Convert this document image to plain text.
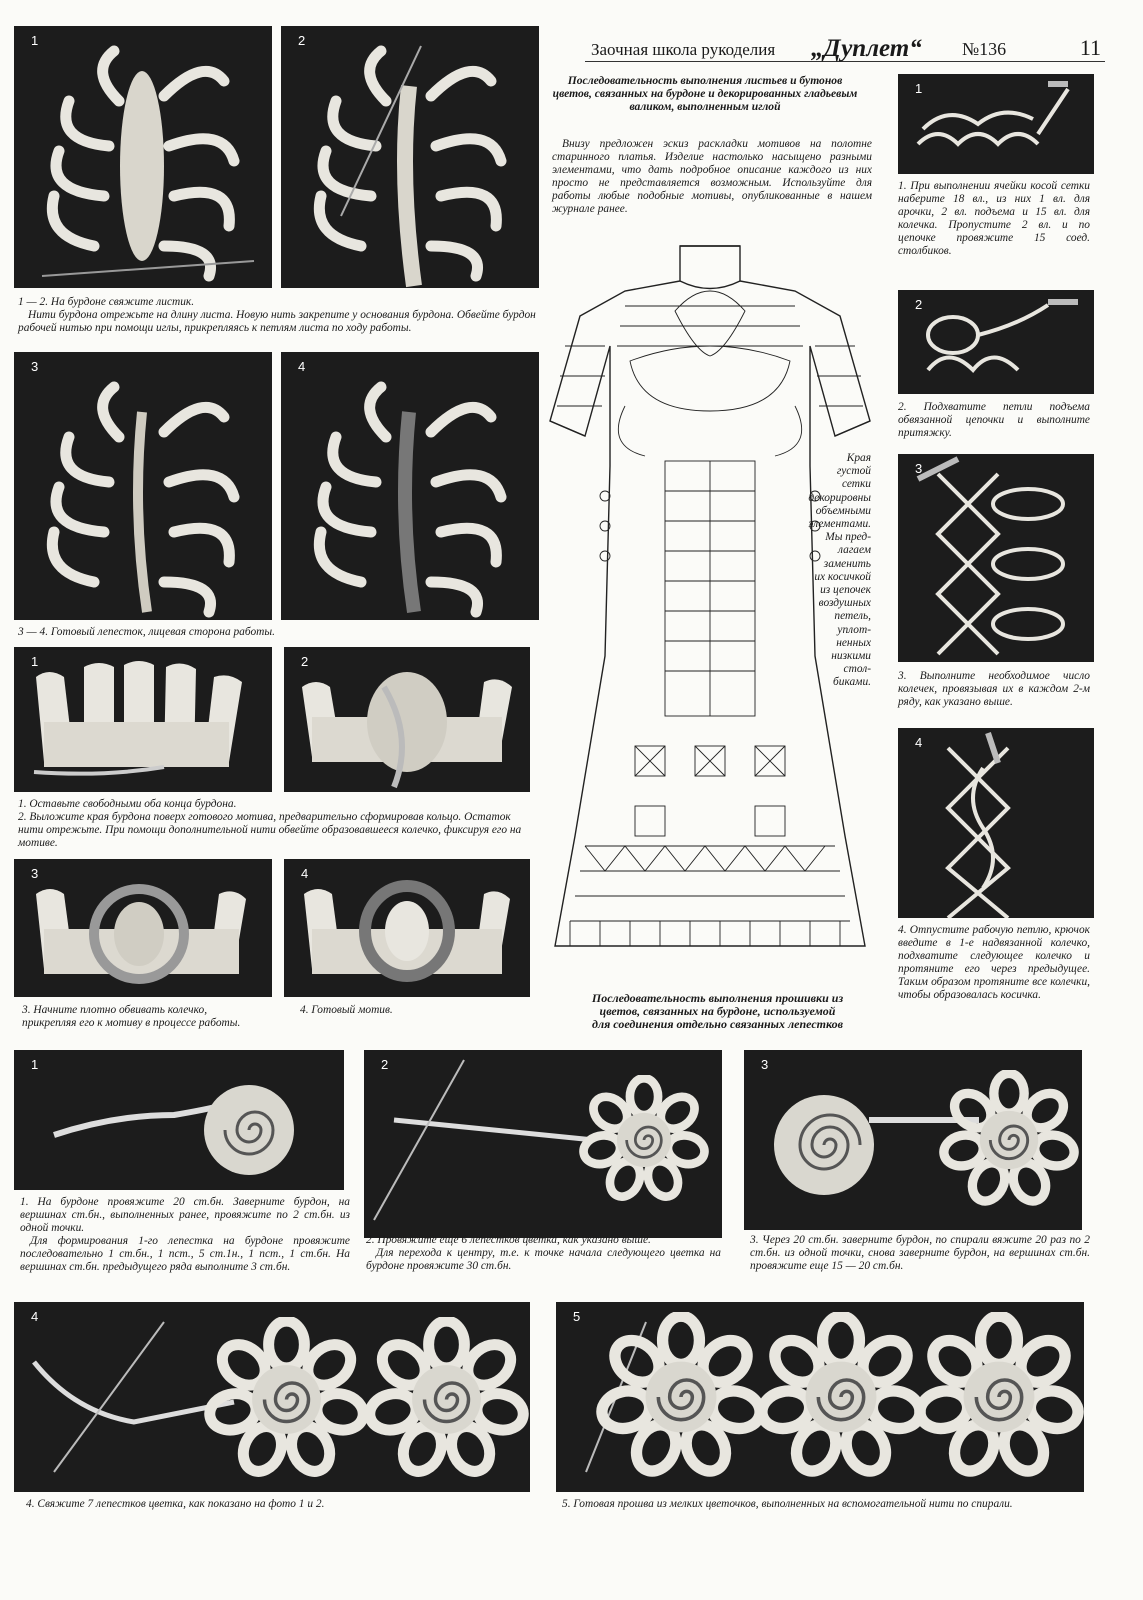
Заочная школа рукоделия „Дуплет“ №136	11
1	2

1 — 2. На бурдоне свяжите листик.

Нити бурдона отрежьте на длину листа. Новую нить закрепите у основания бурдона. Обвейте бурдон рабочей нитью при помощи иглы, прикрепляясь к петлям листа по ходу работы.

3	4
3 — 4. Готовый лепесток, лицевая сторона работы.
1	2

1. Оставьте свободными оба конца бурдона.

2. Выложите края бурдона поверх готового мотива, предварительно сформировав кольцо. Остаток нити отрежьте. При помощи дополнительной нити обвейте образовавшееся колечко, фиксируя его на мотиве.

3	4
3. Начните плотно обвивать колечко, прикрепляя его к мотиву в процессе работы.
4. Готовый мотив.
Последовательность выполнения листьев и бутонов цветов, связанных на бурдоне и декорированных гладьевым валиком, выполненным иглой
Внизу предложен эскиз раскладки мотивов на полотне старинного платья. Изделие настолько насыщено разными элементами, что дать подробное описание каждого из них просто не представляется возможным. Используйте для работы любые подобные мотивы, опубликованные в нашем журнале ранее.

Края

густой

сетки

декорировны

объемными

элементами.

Мы пред-

лагаем

заменить

их косичкой

из цепочек

воздушных

петель,

уплот-

ненных

низкими

стол-

биками.

Последовательность выполнения прошивки из цветов, связанных на бурдоне, используемой для соединения отдельно связанных лепестков
1
1. При выполнении ячейки косой сетки наберите 18 вл., из них 1 вл. для арочки, 2 вл. подъема и 15 вл. для колечка. Пропустите 2 вл. и по цепочке провяжите 15 соед. столбиков.
2
2. Подхватите петли подъема обвязанной цепочки и выполните притяжку.
3
3. Выполните необходимое число колечек, провязывая их в каждом 2-м ряду, как указано выше.
4
4. Отпустите рабочую петлю, крючок введите в 1-е надвязанной колечко, подхватите следующее колечко и протяните его через предыдущее. Таким образом протяните все колечки, чтобы образовалась косичка.
1

1. На бурдоне провяжите 20 ст.бн. Заверните бурдон, на вершинах ст.бн., выполненных ранее, провяжите по 2 ст.бн. из одной точки.

Для формирования 1-го лепестка на бурдоне провяжите последовательно 1 ст.бн., 1 пст., 5 ст.1н., 1 пст., 1 ст.бн. На вершинах ст.бн. предыдущего ряда выполните 3 ст.бн.

2

2. Провяжите еще 6 лепестков цветка, как указано выше.

Для перехода к центру, т.е. к точке начала следующего цветка на бурдоне провяжите 30 ст.бн.

3
3. Через 20 ст.бн. заверните бурдон, по спирали вяжите 20 раз по 2 ст.бн. из одной точки, снова заверните бурдон, на вершинах ст.бн. провяжите еще 15 — 20 ст.бн.
4
4. Свяжите 7 лепестков цветка, как показано на фото 1 и 2.
5
5. Готовая прошва из мелких цветочков, выполненных на вспомогательной нити по спирали.
